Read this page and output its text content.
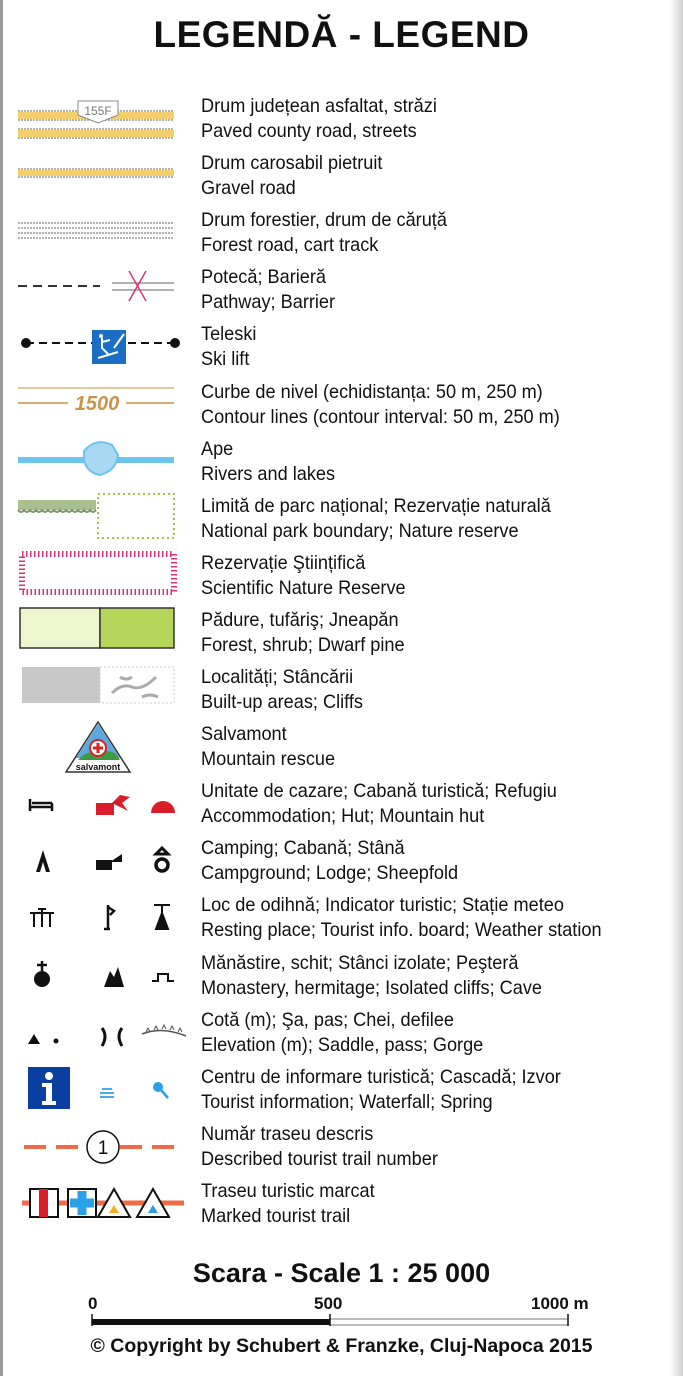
LEGENDĂ - LEGEND
155F	Drum județean asfaltat, străzi
Paved county road, streets
Drum carosabil pietruit
Gravel road
Drum forestier, drum de căruță
Forest road, cart track
Potecă; Barieră
Pathway; Barrier
Teleski
Ski lift
1500
Curbe de nivel (echidistanța: 50 m, 250 m)
Contour lines (contour interval: 50 m, 250 m)
Ape
Rivers and lakes
Limită de parc național; Rezervație naturală
National park boundary; Nature reserve
Rezervație Ştiințifică
Scientific Nature Reserve
Pădure, tufăriş; Jneapăn
Forest, shrub; Dwarf pine
Localități; Stâncării
Built-up areas; Cliffs
salvamont
Salvamont
Mountain rescue
Unitate de cazare; Cabană turistică; Refugiu
Accommodation; Hut; Mountain hut
Camping; Cabană; Stână
Campground; Lodge; Sheepfold
Loc de odihnă; Indicator turistic; Stație meteo
Resting place; Tourist info. board; Weather station
Mănăstire, schit; Stânci izolate; Peşteră
Monastery, hermitage; Isolated cliffs; Cave
Cotă (m); Şa, pas; Chei, defilee
Elevation (m); Saddle, pass; Gorge
Centru de informare turistică; Cascadă; Izvor
Tourist information; Waterfall; Spring
1
Număr traseu descris
Described tourist trail number
Traseu turistic marcat
Marked tourist trail
Scara - Scale 1 : 25 000
0	500	1000 m
© Copyright by Schubert & Franzke, Cluj-Napoca 2015
